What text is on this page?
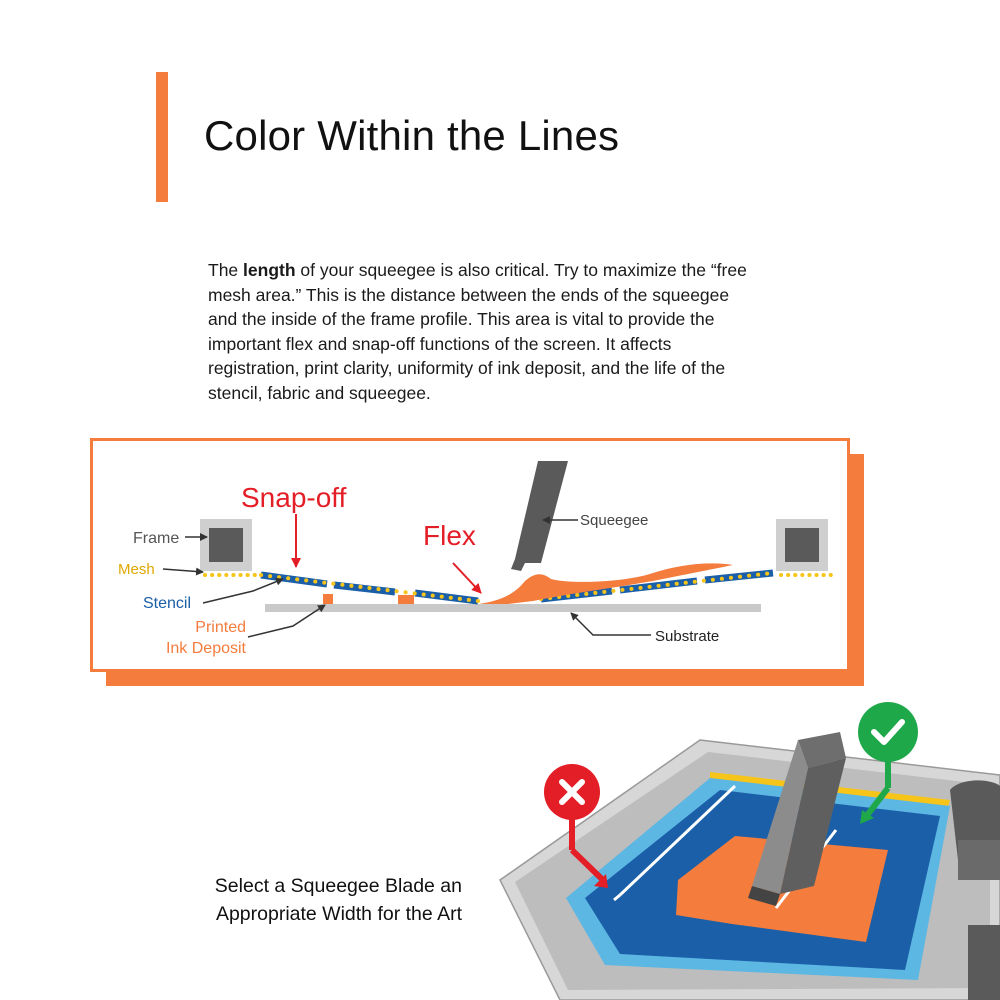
Color Within the Lines

The length of your squeegee is also critical. Try to maximize the “free mesh area.” This is the distance between the ends of the squeegee and the inside of the frame profile. This area is vital to provide the important flex and snap-off functions of the screen. It affects registration, print clarity, uniformity of ink deposit, and the life of the stencil, fabric and squeegee.

Snap-off
Flex
Frame
Mesh
Stencil
Printed
Ink Deposit
Squeegee
Substrate

Select a Squeegee Blade an
Appropriate Width for the Art
